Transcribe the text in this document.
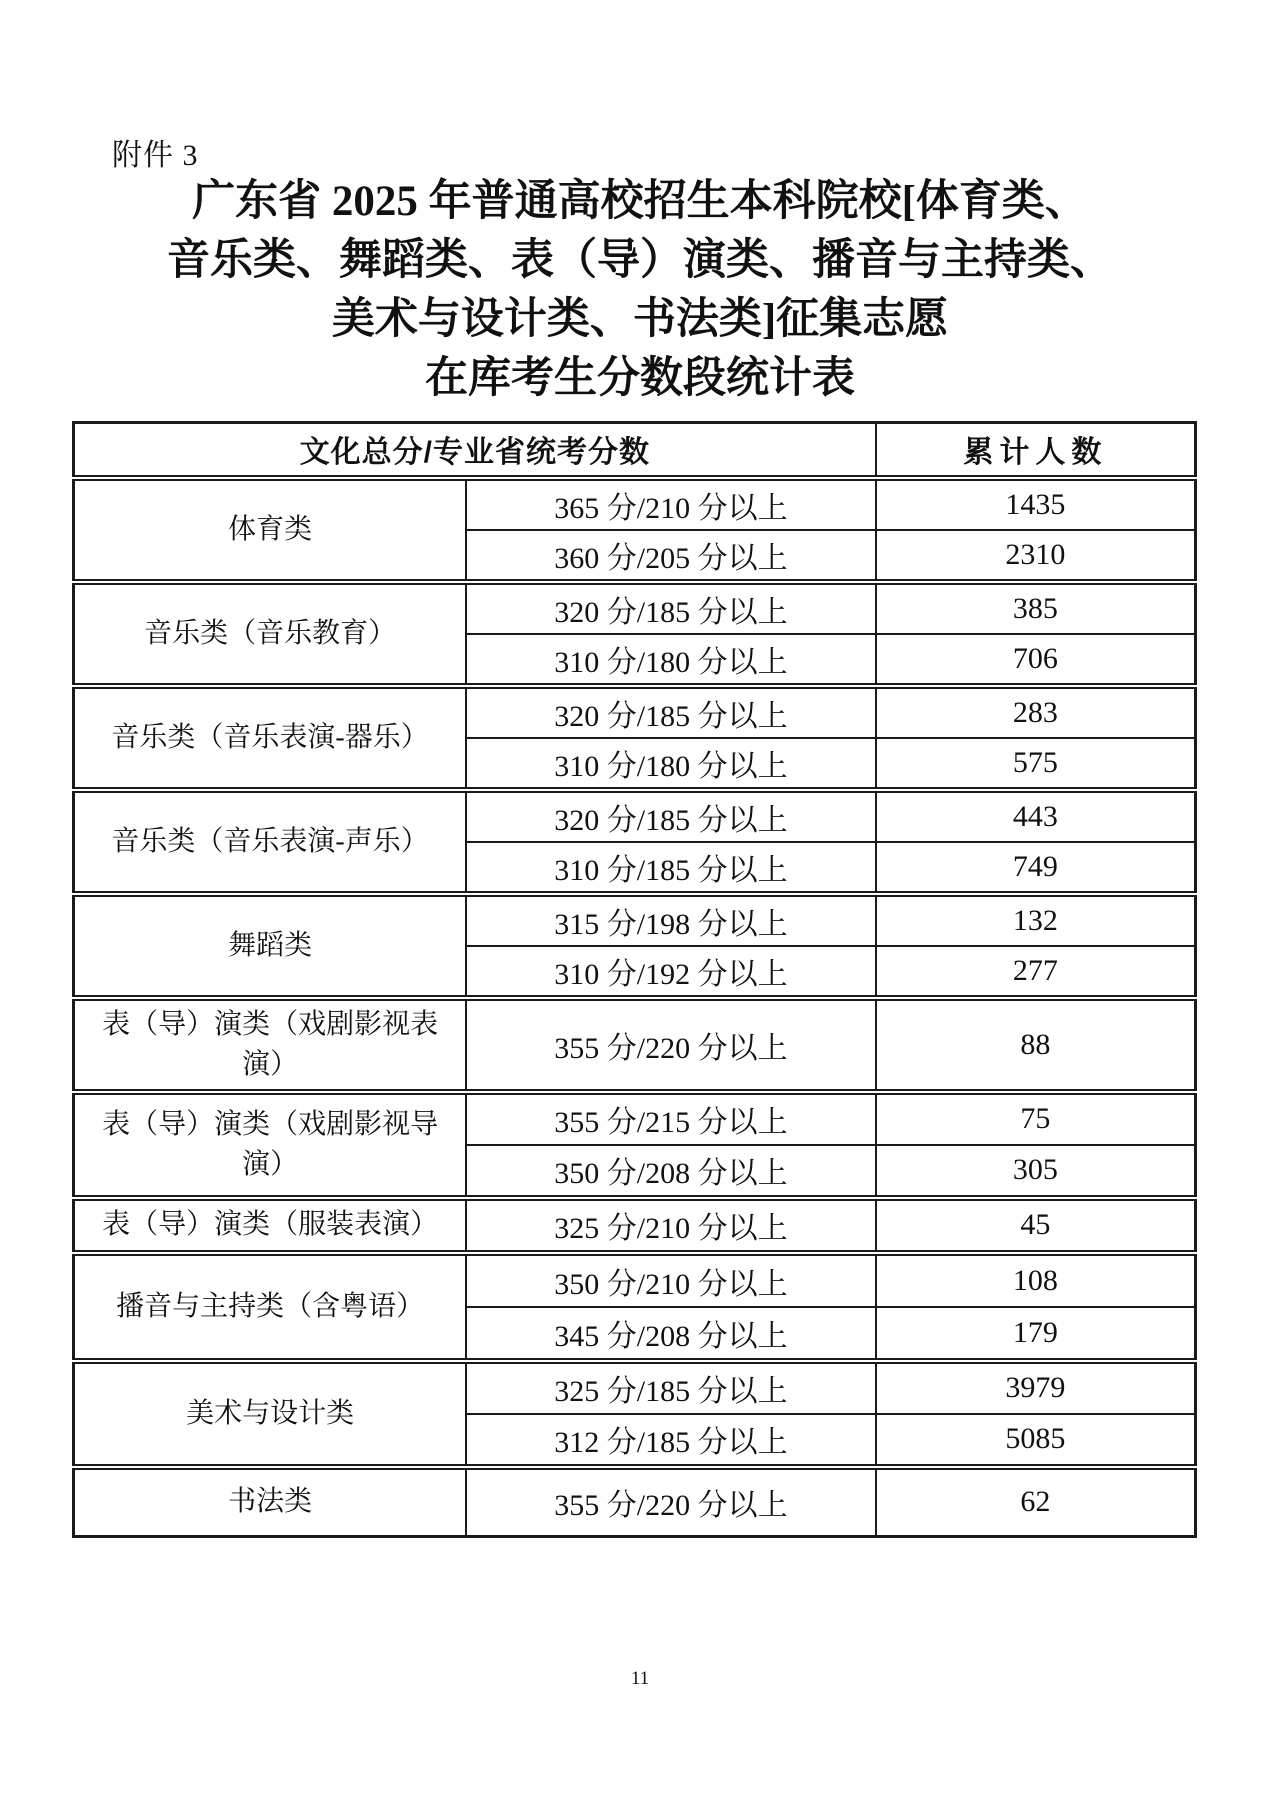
附件 3
广东省 2025 年普通高校招生本科院校[体育类、
音乐类、舞蹈类、表（导）演类、播音与主持类、
美术与设计类、书法类]征集志愿
在库考生分数段统计表
文化总分/专业省统考分数		累计人数
体育类	365 分/210 分以上	1435
	360 分/205 分以上	2310
音乐类（音乐教育）	320 分/185 分以上	385
	310 分/180 分以上	706
音乐类（音乐表演-器乐）	320 分/185 分以上	283
	310 分/180 分以上	575
音乐类（音乐表演-声乐）	320 分/185 分以上	443
	310 分/185 分以上	749
舞蹈类	315 分/198 分以上	132
	310 分/192 分以上	277
表（导）演类（戏剧影视表演）	355 分/220 分以上	88
表（导）演类（戏剧影视导演）	355 分/215 分以上	75
	350 分/208 分以上	305
表（导）演类（服装表演）	325 分/210 分以上	45
播音与主持类（含粤语）	350 分/210 分以上	108
	345 分/208 分以上	179
美术与设计类	325 分/185 分以上	3979
	312 分/185 分以上	5085
书法类	355 分/220 分以上	62
11
